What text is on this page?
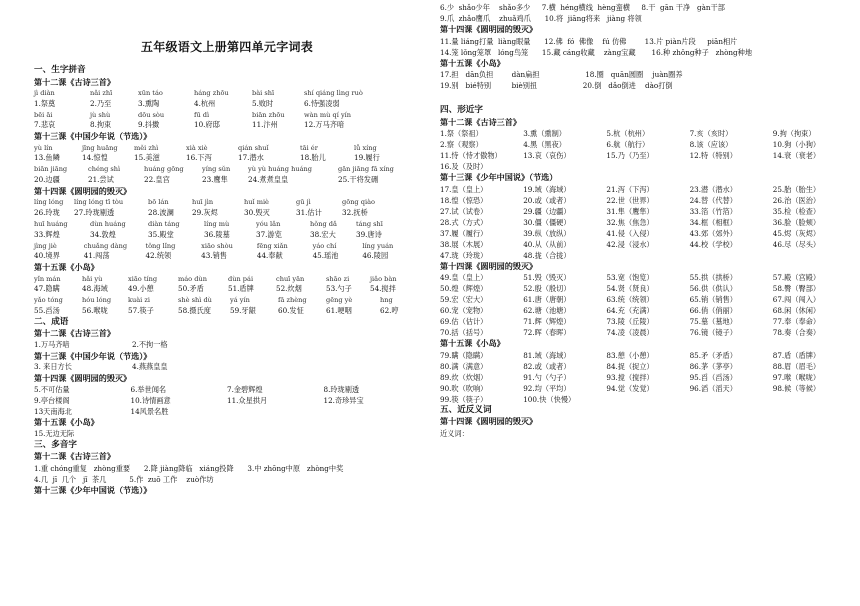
五年级语文上册第四单元字词表
一、生字拼音
第十二课《古诗三首》
jì diàn	nǎi zhī	xūn táo	háng zhōu	bài shī	shí qiáng lìng ruò
1.祭奠	2.乃至	3.熏陶	4.杭州	5.败时	6.恃强凌弱
bēi āi	jù shù	dōu sòu	fū dì	biān zhōu	wàn mù qí yín
7.悲哀	8.拘束	9.抖擞	10.府邸	11.汴州	12.万马齐喑
第十三课《中国少年说（节选）》
yù lín	jīng huāng	měi zhì	xià xiè	qián shuǐ	tāi ér	lǚ xíng
13.鱼鳞	14.惊惶	15.美滋	16.下泻	17.潜水	18.胎儿	19.履行
biān jiāng	chéng shì	huáng gōng	yíng sǔn	yù yù huáng huáng	gān jiāng fā xíng
20.边疆	21.尝试	22.皇宫	23.鹰隼	24.煮煮皇皇	25.干将发硎
第十四课《圆明园的毁灭》
líng lóng	líng lóng tī tòu	bō lán	huī jìn	huǐ miè	gū jì	gōng qiào
26.玲珑	27.玲珑剔透	28.波澜	29.灰烬	30.毁灭	31.估计	32.抚桥
huī huáng	dùn huáng	diàn táng	líng mù	yóu lǎn	hǒng dǎ	táng shī
33.辉煌	34.敦煌	35.殿堂	36.陵墓	37.游览	38.宏大	39.唐诗
jìng jiè	chuǎng dàng	tǒng lǐng	xiāo shòu	fēng xiǎn	yáo chí	líng yuán
40.境界	41.闯荡	42.统领	43.销售	44.奉献	45.瑶池	46.陵园
第十五课《小岛》
yǐn mán	hǎi yù	xiāo tíng	máo dùn	dùn pái	chuī yān	shāo zi	jiǎo bàn
47.隐瞒	48.海域	49.小憩	50.矛盾	51.盾牌	52.炊烟	53.勺子	54.搅拌
yǎo tóng	hóu lóng	kuài zi	shè shì dù	yá yín	fā zhèng	gēng yè	hng
55.舀汤	56.喉咙	57.筷子	58.摄氏度	59.牙龈	60.发怔	61.哽咽	62.哼
二、成语
第十二课《古诗三首》
1.万马齐喑	2.不拘一格
第十三课《中国少年说（节选）》
3. 来日方长	4.燕燕皇皇
第十四课《圆明园的毁灭》
5.不可估量	6.举世闻名	7.金碧辉煌	8.玲珑剔透
9.亭台楼阁	10.诗情画意	11.众星拱月	12.奇珍异宝
13天南海北	14风景名胜
第十五课《小岛》
15.无边无际
三、多音字
第十二课《古诗三首》
1.重 chóng重复   zhòng重要      2.降 jiàng降临   xiáng投降      3.中 zhōng中原   zhòng中奖
4.几  jī  几个   jǐ  茶几          5.作  zuō 工作    zuò作坊
第十三课《少年中国说（节选）》
6.少  shǎo少年    shǎo多少     7.横  héng横线  hèng蛮横     8.干  gān 干净   gàn干部
9.爪  zhǎo鹰爪    zhuǎ鸡爪      10.将  jiāng将来   jiàng 将领
第十四课《圆明园的毁灭》
11.量 liáng打量  liàng眼量      12.佛  fó  佛像    fú 仿佛        13.片 piàn片段     piān相片
14.笼 lǒng笼罩   lóng鸟笼      15.藏 cáng收藏    zàng宝藏       16.种 zhǒng种子   zhòng种地
第十五课《小岛》
17.担   dān负担        dàn扁担                    18.圈   quān圆圈    juàn圈养
19.别   bié特别         biè别扭                    20.倒   dǎo倒进    dào打倒
四、形近字
第十二课《古诗三首》
1.祭（祭祖）	3.熏（熏制）	5.杭（杭州）	7.亥（亥时）	9.拘（拘束）
2.察（观察）	4.黑（黑夜）	6.航（航行）	8.该（应该）	10.狗（小狗）
11.恃（恃才傲物）	13.哀（哀伤）	15.乃（乃至）	12.特（特别）	14.衰（衰老）
16.及（及时）
第十三课《少年中国说》（节选）
17.皇（皇上）	19.域（海域）	21.泻（下泻）	23.潜（潜水）	25.胎（胎生）
18.惶（惊恐）	20.或（或者）	22.世（世界）	24.替（代替）	26.治（医治）
27.试（试卷）	29.疆（边疆）	31.隼（鹰隼）	33.箔（竹箔）	35.检（检查）
28.式（方式）	30.僵（僵硬）	32.焦（焦急）	34.框（相框）	36.脸（脸颊）
37.履（履行）	39.纵（放纵）	41.侵（入侵）	43.郊（郊外）	45.烬（灰烬）
38.展（木展）	40.从（从前）	42.浸（浸水）	44.校（学校）	46.尽（尽头）
47.珑（玲珑）	48.拢（合拢）
第十四课《圆明园的毁灭》
49.皇（皇上）	51.毁（毁灭）	53.宽（饱览）	55.拱（拱桥）	57.殿（宫殿）
50.煌（辉煌）	52.殷（殷切）	54.贤（贤良）	56.供（供认）	58.臀（臀部）
59.宏（宏大）	61.唐（唐朝）	63.统（统领）	65.销（销售）	67.闯（闯入）
60.宠（宠物）	62.塘（池塘）	64.充（充满）	66.俏（俏丽）	68.闲（休闲）
69.估（估计）	71.辉（辉煌）	73.陵（丘陵）	75.墓（墓地）	77.奉（奉命）
70.括（括号）	72.晖（春晖）	74.凌（凌晨）	76.镜（镜子）	78.奏（合奏）
第十五课《小岛》
79.瞒（隐瞒）	81.域（海域）	83.憩（小憩）	85.矛（矛盾）	87.盾（盾牌）
80.满（满意）	82.或（或者）	84.捉（捉立）	86.茅（茅亭）	88.眉（眉毛）
89.炊（炊烟）	91.勺（勺子）	93.搅（搅拌）	95.舀（舀汤）	97.喉（喉咙）
90.吹（吹响）	92.均（平均）	94.觉（发觉）	96.滔（滔天）	98.候（等候）
99.筷（筷子）	100.快（快慢）
五、近反义词
第十四课《圆明园的毁灭》
近义词：
